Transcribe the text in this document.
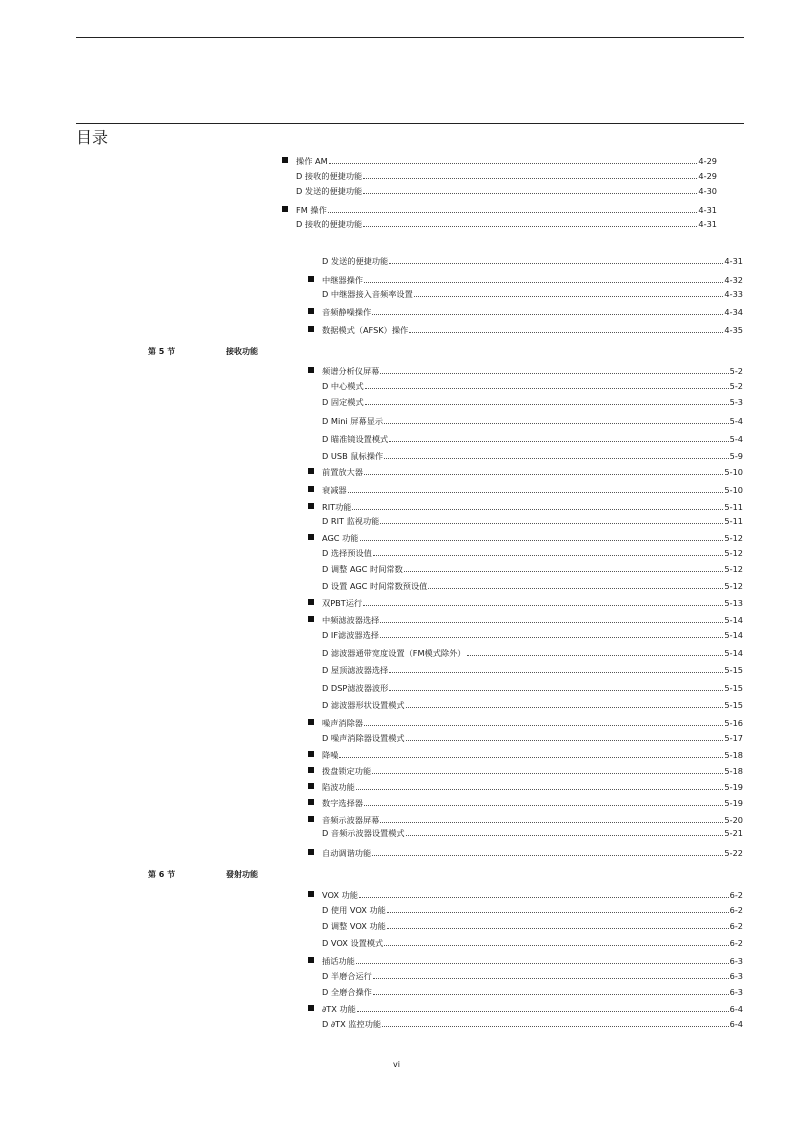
目录
操作 AM	4-29
D 接收的便捷功能	4-29
D 发送的便捷功能	4-30
FM 操作	4-31
D 接收的便捷功能	4-31
D 发送的便捷功能	4-31
中继器操作	4-32
D 中继器接入音频率设置	4-33
音频静噪操作	4-34
数据模式（AFSK）操作	4-35
频谱分析仪屏幕	5-2
D 中心模式	5-2
D 固定模式	5-3
D Mini 屏幕显示	5-4
D 瞄准镜设置模式	5-4
D USB 鼠标操作	5-9
前置放大器	5-10
衰减器	5-10
RIT功能	5-11
D RIT 监视功能	5-11
AGC 功能	5-12
D 选择预设值	5-12
D 调整 AGC 时间常数	5-12
D 设置 AGC 时间常数预设值	5-12
双PBT运行	5-13
中频滤波器选择	5-14
D IF滤波器选择	5-14
D 滤波器通带宽度设置（FM模式除外）	5-14
D 屋顶滤波器选择	5-15
D DSP滤波器波形	5-15
D 滤波器形状设置模式	5-15
噪声消除器	5-16
D 噪声消除器设置模式	5-17
降噪	5-18
拨盘锁定功能	5-18
陷波功能	5-19
数字选择器	5-19
音频示波器屏幕	5-20
D 音频示波器设置模式	5-21
自动调谐功能	5-22
VOX 功能	6-2
D 使用 VOX 功能	6-2
D 调整 VOX 功能	6-2
D VOX 设置模式	6-2
插话功能	6-3
D 半磨合运行	6-3
D 全磨合操作	6-3
∂TX 功能	6-4
D ∂TX 监控功能	6-4
第 5 节	接收功能
第 6 节	發射功能
vi
